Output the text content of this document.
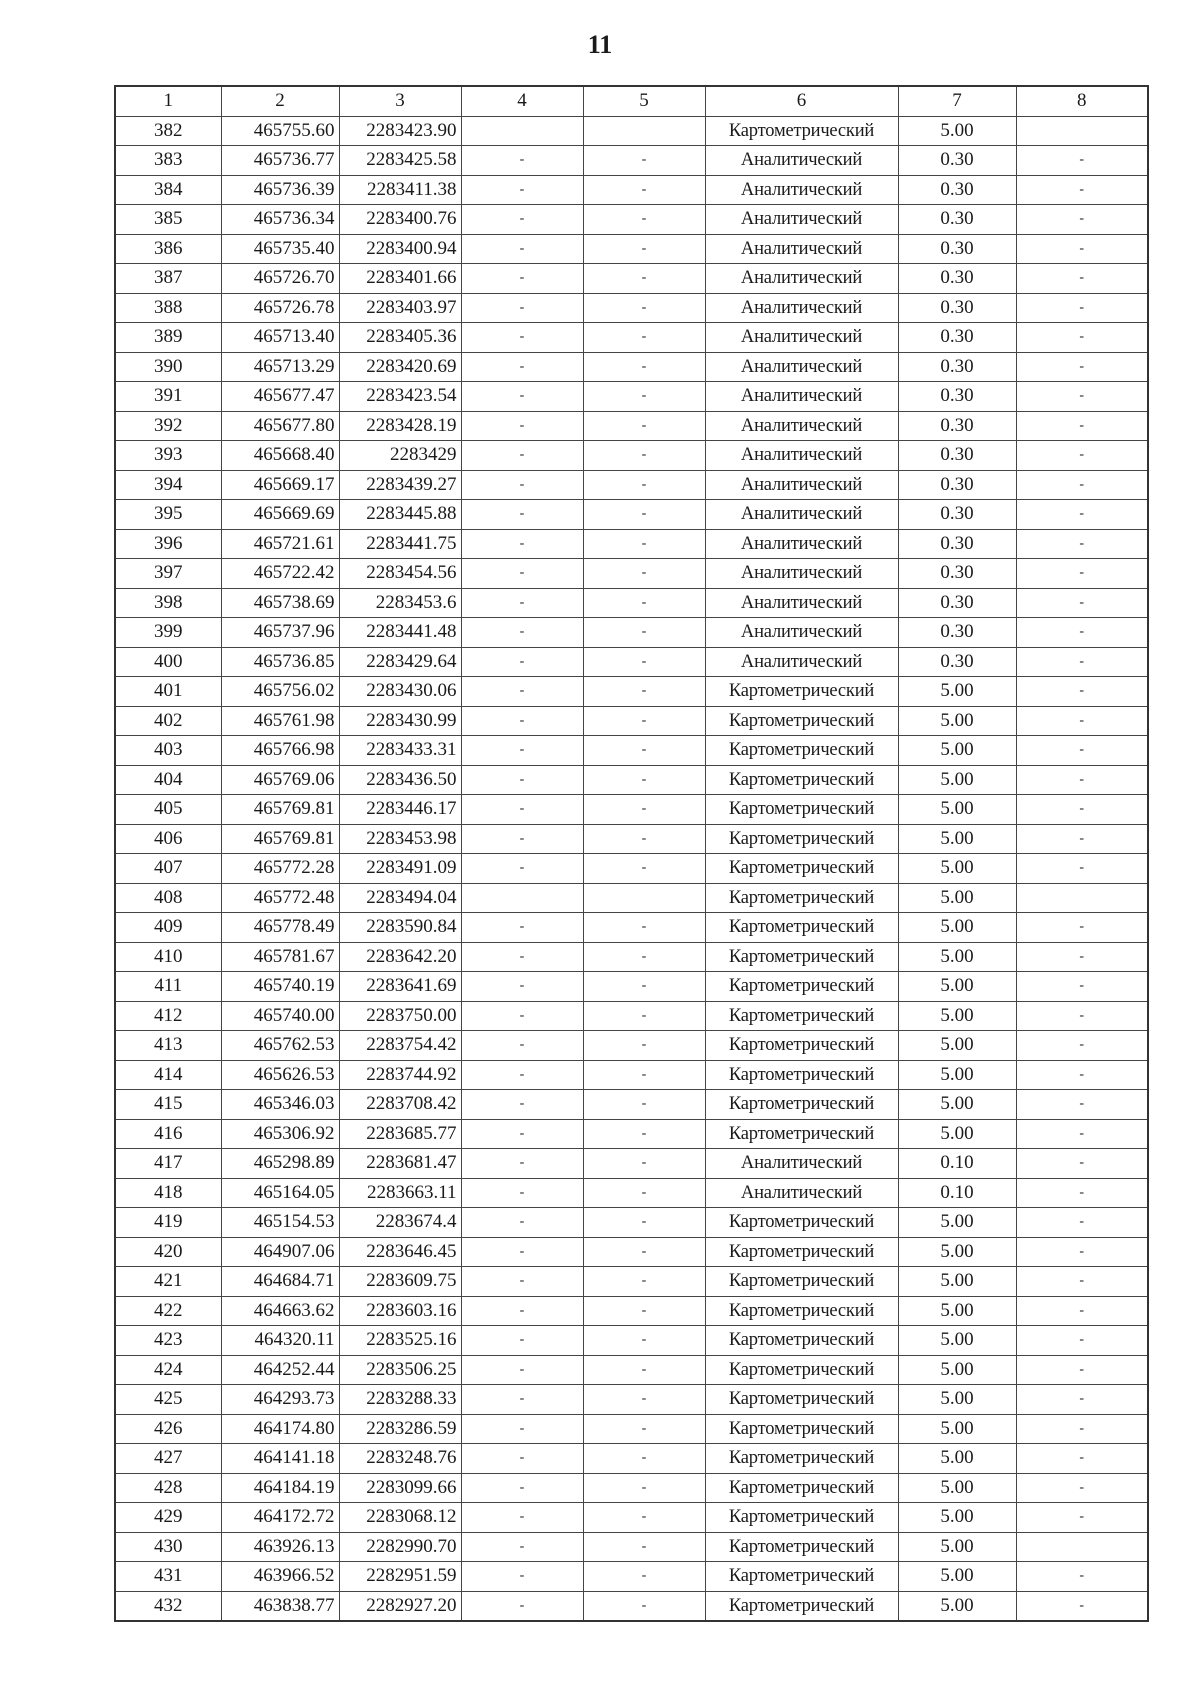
11
1	2	3	4	5	6	7	8
382	465755.60	2283423.90			Картометрический	5.00	
383	465736.77	2283425.58	-	-	Аналитический	0.30	-
384	465736.39	2283411.38	-	-	Аналитический	0.30	-
385	465736.34	2283400.76	-	-	Аналитический	0.30	-
386	465735.40	2283400.94	-	-	Аналитический	0.30	-
387	465726.70	2283401.66	-	-	Аналитический	0.30	-
388	465726.78	2283403.97	-	-	Аналитический	0.30	-
389	465713.40	2283405.36	-	-	Аналитический	0.30	-
390	465713.29	2283420.69	-	-	Аналитический	0.30	-
391	465677.47	2283423.54	-	-	Аналитический	0.30	-
392	465677.80	2283428.19	-	-	Аналитический	0.30	-
393	465668.40	2283429	-	-	Аналитический	0.30	-
394	465669.17	2283439.27	-	-	Аналитический	0.30	-
395	465669.69	2283445.88	-	-	Аналитический	0.30	-
396	465721.61	2283441.75	-	-	Аналитический	0.30	-
397	465722.42	2283454.56	-	-	Аналитический	0.30	-
398	465738.69	2283453.6	-	-	Аналитический	0.30	-
399	465737.96	2283441.48	-	-	Аналитический	0.30	-
400	465736.85	2283429.64	-	-	Аналитический	0.30	-
401	465756.02	2283430.06	-	-	Картометрический	5.00	-
402	465761.98	2283430.99	-	-	Картометрический	5.00	-
403	465766.98	2283433.31	-	-	Картометрический	5.00	-
404	465769.06	2283436.50	-	-	Картометрический	5.00	-
405	465769.81	2283446.17	-	-	Картометрический	5.00	-
406	465769.81	2283453.98	-	-	Картометрический	5.00	-
407	465772.28	2283491.09	-	-	Картометрический	5.00	-
408	465772.48	2283494.04			Картометрический	5.00	
409	465778.49	2283590.84	-	-	Картометрический	5.00	-
410	465781.67	2283642.20	-	-	Картометрический	5.00	-
411	465740.19	2283641.69	-	-	Картометрический	5.00	-
412	465740.00	2283750.00	-	-	Картометрический	5.00	-
413	465762.53	2283754.42	-	-	Картометрический	5.00	-
414	465626.53	2283744.92	-	-	Картометрический	5.00	-
415	465346.03	2283708.42	-	-	Картометрический	5.00	-
416	465306.92	2283685.77	-	-	Картометрический	5.00	-
417	465298.89	2283681.47	-	-	Аналитический	0.10	-
418	465164.05	2283663.11	-	-	Аналитический	0.10	-
419	465154.53	2283674.4	-	-	Картометрический	5.00	-
420	464907.06	2283646.45	-	-	Картометрический	5.00	-
421	464684.71	2283609.75	-	-	Картометрический	5.00	-
422	464663.62	2283603.16	-	-	Картометрический	5.00	-
423	464320.11	2283525.16	-	-	Картометрический	5.00	-
424	464252.44	2283506.25	-	-	Картометрический	5.00	-
425	464293.73	2283288.33	-	-	Картометрический	5.00	-
426	464174.80	2283286.59	-	-	Картометрический	5.00	-
427	464141.18	2283248.76	-	-	Картометрический	5.00	-
428	464184.19	2283099.66	-	-	Картометрический	5.00	-
429	464172.72	2283068.12	-	-	Картометрический	5.00	-
430	463926.13	2282990.70	-	-	Картометрический	5.00	
431	463966.52	2282951.59	-	-	Картометрический	5.00	-
432	463838.77	2282927.20	-	-	Картометрический	5.00	-
